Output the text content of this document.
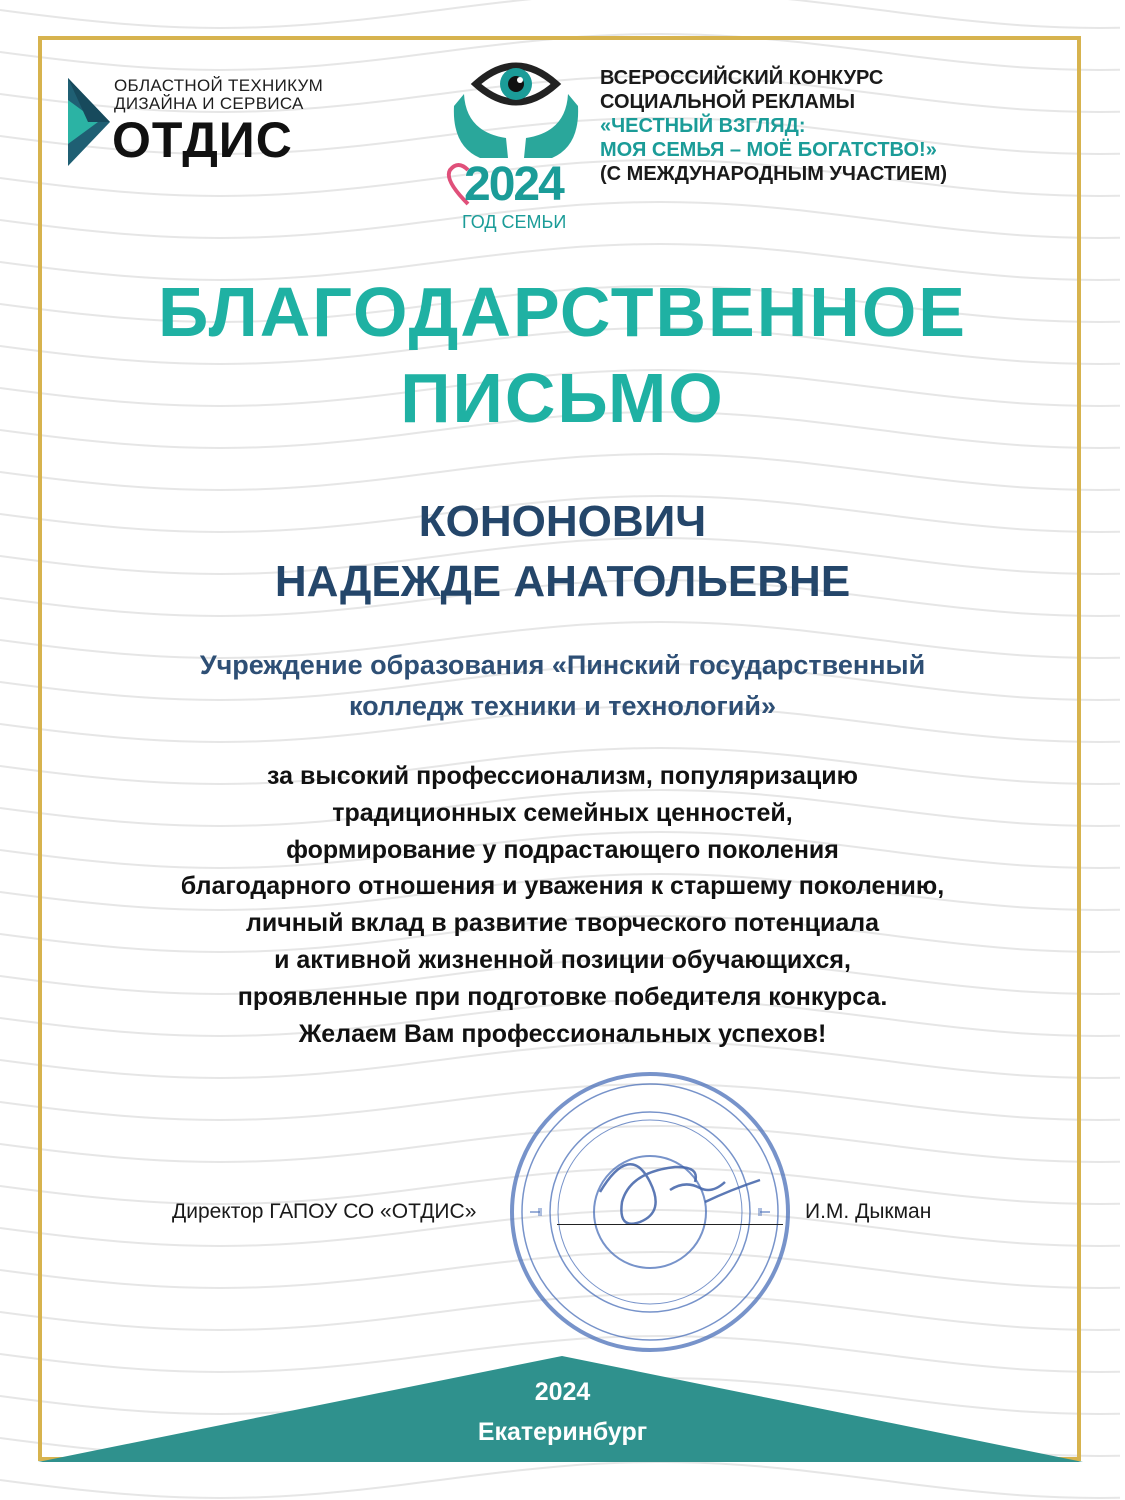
ОБЛАСТНОЙ ТЕХНИКУМ
ДИЗАЙНА И СЕРВИСА
ОТДИС
2024
ГОД СЕМЬИ
ВСЕРОССИЙСКИЙ КОНКУРС
СОЦИАЛЬНОЙ РЕКЛАМЫ
«ЧЕСТНЫЙ ВЗГЛЯД:
МОЯ СЕМЬЯ – МОЁ БОГАТСТВО!»
(С МЕЖДУНАРОДНЫМ УЧАСТИЕМ)
БЛАГОДАРСТВЕННОЕ
ПИСЬМО
КОНОНОВИЧ
НАДЕЖДЕ АНАТОЛЬЕВНЕ
Учреждение образования «Пинский государственный
колледж техники и технологий»
за высокий профессионализм, популяризацию
традиционных семейных ценностей,
формирование у подрастающего поколения
благодарного отношения и уважения к старшему поколению,
личный вклад в развитие творческого потенциала
и активной жизненной позиции обучающихся,
проявленные при подготовке победителя конкурса.
Желаем Вам профессиональных успехов!
Директор ГАПОУ СО «ОТДИС»	И.М. Дыкман
2024
Екатеринбург
